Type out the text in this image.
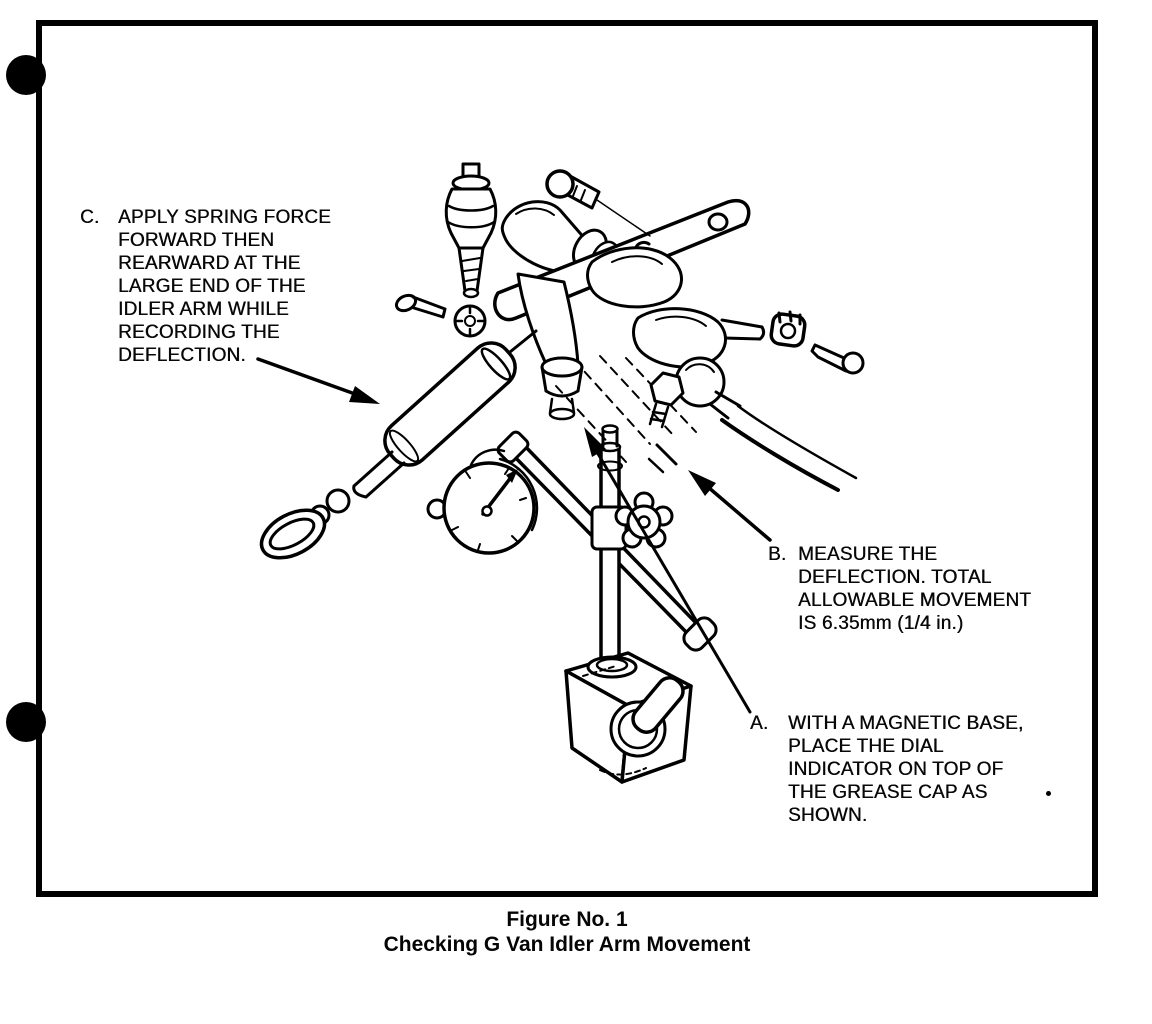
C. APPLY SPRING FORCE
FORWARD THEN
REARWARD AT THE
LARGE END OF THE
IDLER ARM WHILE
RECORDING THE
DEFLECTION.
B. MEASURE THE
DEFLECTION. TOTAL
ALLOWABLE MOVEMENT
IS 6.35mm (1/4 in.)
A.	WITH A MAGNETIC BASE,
PLACE THE DIAL
INDICATOR ON TOP OF
THE GREASE CAP AS
SHOWN.
Figure No. 1
Checking G Van Idler Arm Movement
